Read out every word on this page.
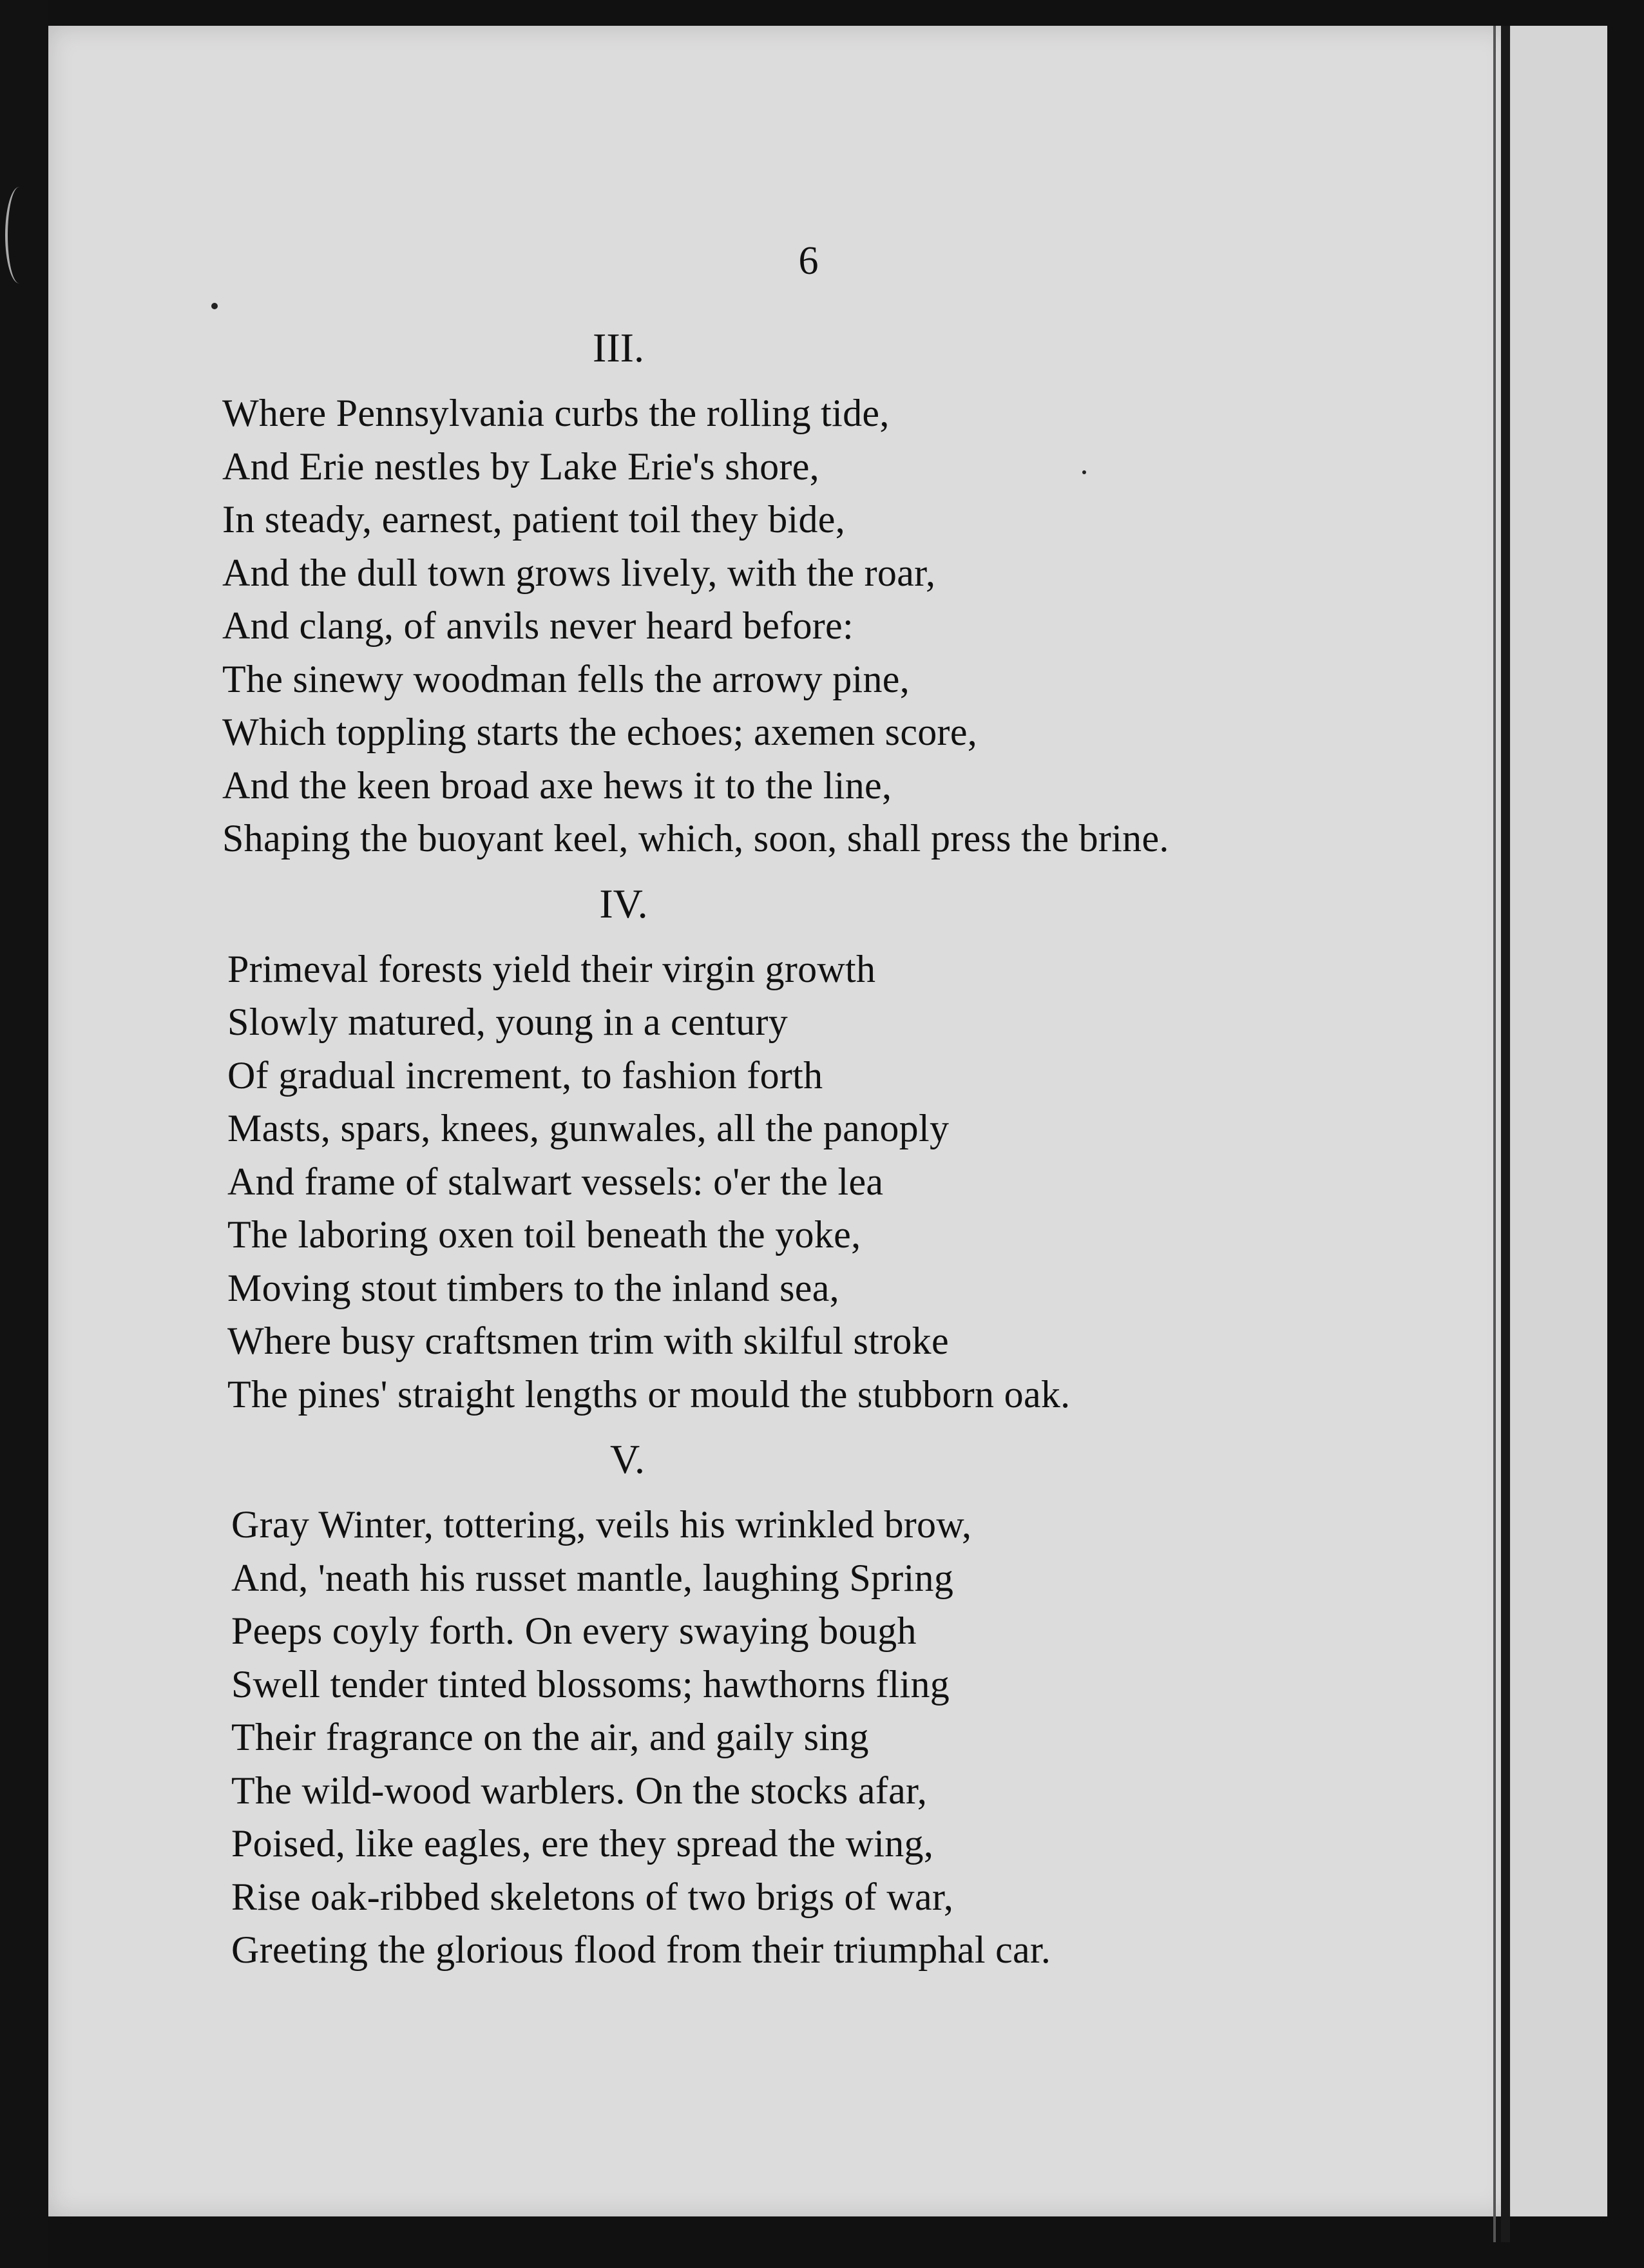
6
III.
Where Pennsylvania curbs the rolling tide,
And Erie nestles by Lake Erie's shore,
In steady, earnest, patient toil they bide,
And the dull town grows lively, with the roar,
And clang, of anvils never heard before:
The sinewy woodman fells the arrowy pine,
Which toppling starts the echoes; axemen score,
And the keen broad axe hews it to the line,
Shaping the buoyant keel, which, soon, shall press the brine.
IV.
Primeval forests yield their virgin growth
Slowly matured, young in a century
Of gradual increment, to fashion forth
Masts, spars, knees, gunwales, all the panoply
And frame of stalwart vessels: o'er the lea
The laboring oxen toil beneath the yoke,
Moving stout timbers to the inland sea,
Where busy craftsmen trim with skilful stroke
The pines' straight lengths or mould the stubborn oak.
V.
Gray Winter, tottering, veils his wrinkled brow,
And, 'neath his russet mantle, laughing Spring
Peeps coyly forth. On every swaying bough
Swell tender tinted blossoms; hawthorns fling
Their fragrance on the air, and gaily sing
The wild-wood warblers. On the stocks afar,
Poised, like eagles, ere they spread the wing,
Rise oak-ribbed skeletons of two brigs of war,
Greeting the glorious flood from their triumphal car.
